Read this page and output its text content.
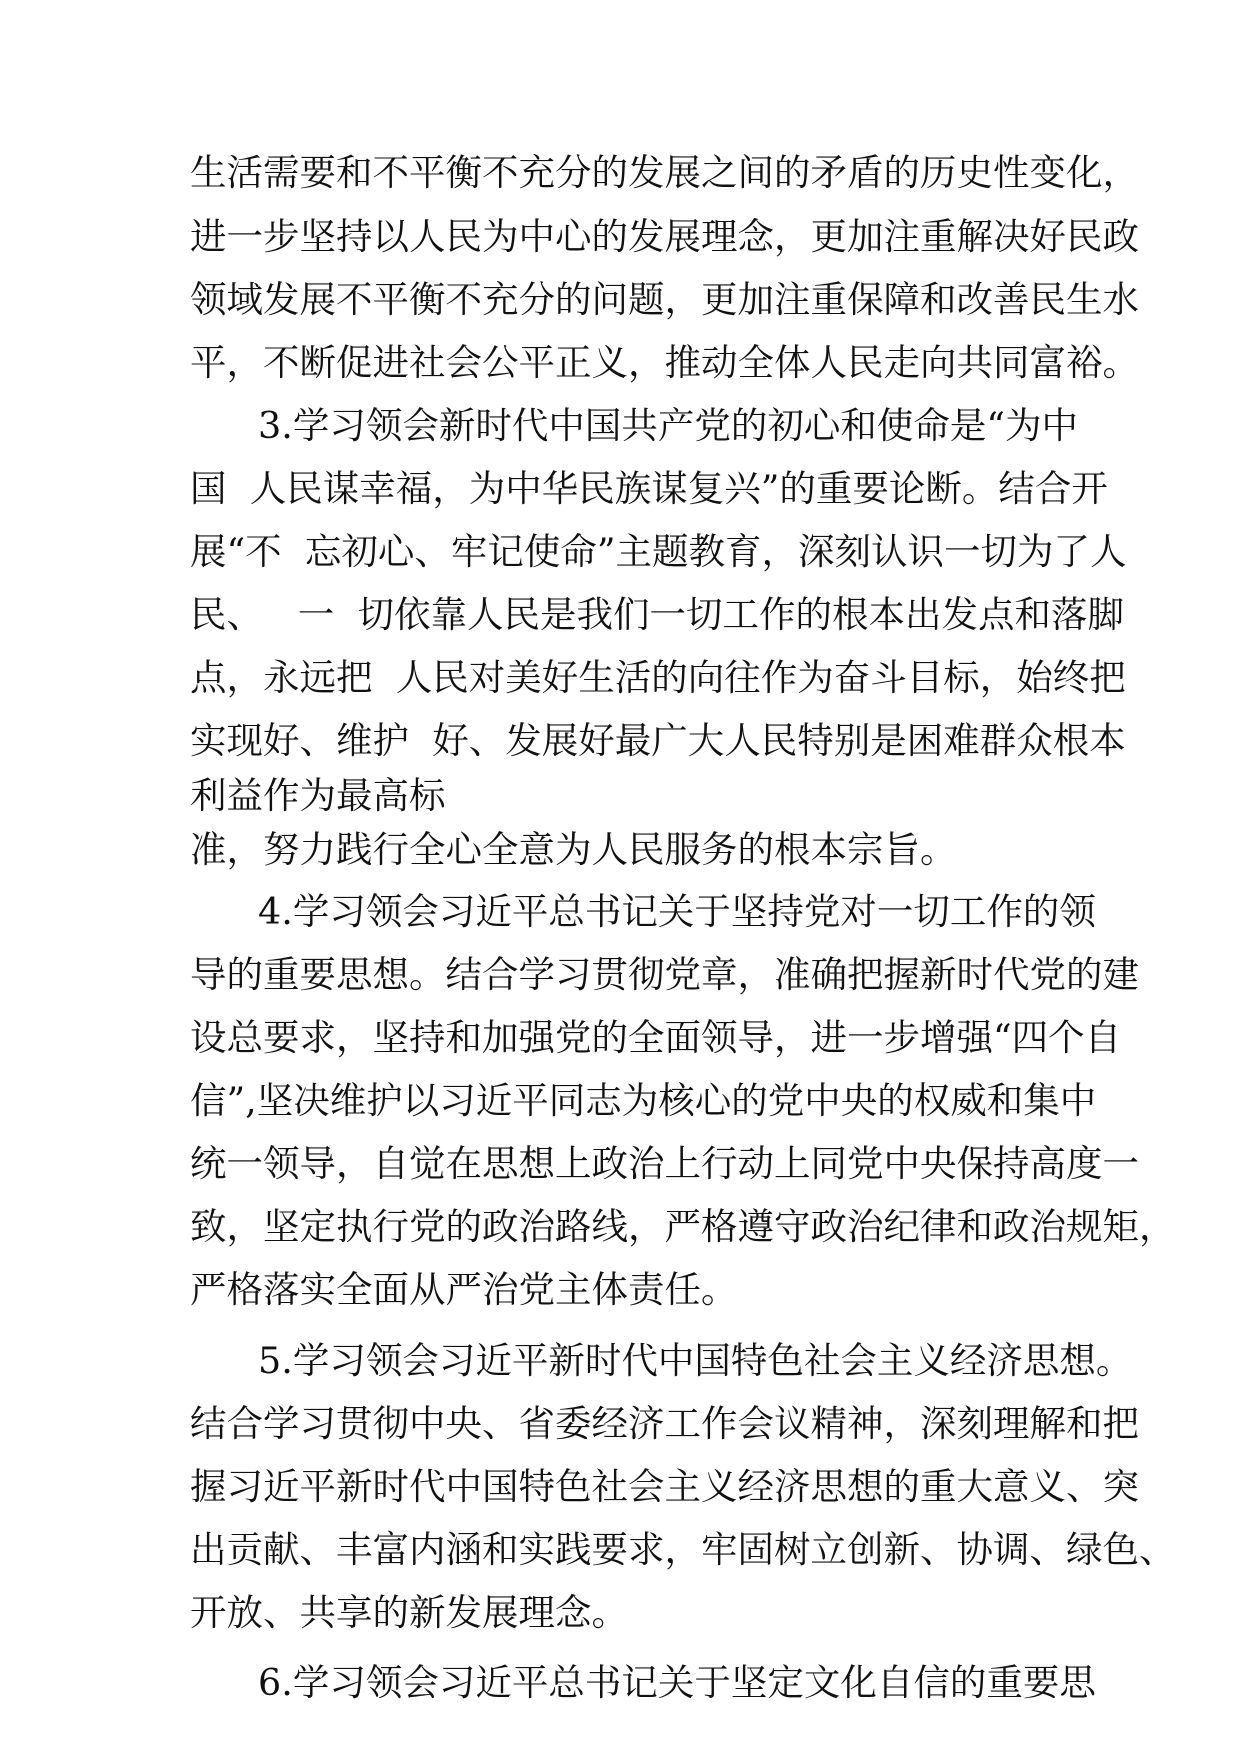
生活需要和不平衡不充分的发展之间的矛盾的历史性变化，
进一步坚持以人民为中心的发展理念，更加注重解决好民政
领域发展不平衡不充分的问题，更加注重保障和改善民生水
平，不断促进社会公平正义，推动全体人民走向共同富裕。
3.学习领会新时代中国共产党的初心和使命是“为中
国  人民谋幸福，为中华民族谋复兴”的重要论断。结合开
展“不  忘初心、牢记使命”主题教育，深刻认识一切为了人
民、   一  切依靠人民是我们一切工作的根本出发点和落脚
点，永远把  人民对美好生活的向往作为奋斗目标，始终把
实现好、维护  好、发展好最广大人民特别是困难群众根本
利益作为最高标
准，努力践行全心全意为人民服务的根本宗旨。
4.学习领会习近平总书记关于坚持党对一切工作的领
导的重要思想。结合学习贯彻党章，准确把握新时代党的建
设总要求，坚持和加强党的全面领导，进一步增强“四个自
信”,坚决维护以习近平同志为核心的党中央的权威和集中
统一领导，自觉在思想上政治上行动上同党中央保持高度一
致，坚定执行党的政治路线，严格遵守政治纪律和政治规矩，
严格落实全面从严治党主体责任。
5.学习领会习近平新时代中国特色社会主义经济思想。
结合学习贯彻中央、省委经济工作会议精神，深刻理解和把
握习近平新时代中国特色社会主义经济思想的重大意义、突
出贡献、丰富内涵和实践要求，牢固树立创新、协调、绿色、
开放、共享的新发展理念。
6.学习领会习近平总书记关于坚定文化自信的重要思
